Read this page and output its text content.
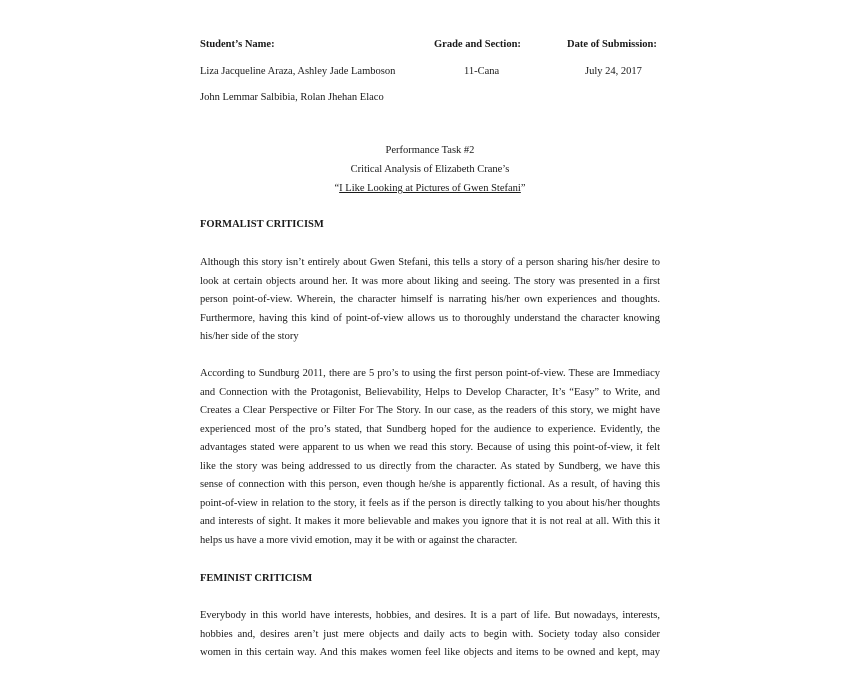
Student’s Name:	Grade and Section:	Date of Submission:
Liza Jacqueline Araza, Ashley Jade Lamboson	11-Cana	July 24, 2017
John Lemmar Salbibia, Rolan Jhehan Elaco
Performance Task #2
Critical Analysis of Elizabeth Crane’s
“I Like Looking at Pictures of Gwen Stefani”
FORMALIST CRITICISM
Although this story isn’t entirely about Gwen Stefani, this tells a story of a person sharing his/her desire to
look at certain objects around her. It was more about liking and seeing. The story was presented in a first
person point-of-view. Wherein, the character himself is narrating his/her own experiences and thoughts.
Furthermore, having this kind of point-of-view allows us to thoroughly understand the character knowing
his/her side of the story
According to Sundburg 2011, there are 5 pro’s to using the first person point-of-view. These are Immediacy
and Connection with the Protagonist, Believability, Helps to Develop Character, It’s “Easy” to Write, and
Creates a Clear Perspective or Filter For The Story. In our case, as the readers of this story, we might have
experienced most of the pro’s stated, that Sundberg hoped for the audience to experience. Evidently, the
advantages stated were apparent to us when we read this story. Because of using this point-of-view, it felt
like the story was being addressed to us directly from the character. As stated by Sundberg, we have this
sense of connection with this person, even though he/she is apparently fictional. As a result, of having this
point-of-view in relation to the story, it feels as if the person is directly talking to you about his/her thoughts
and interests of sight. It makes it more believable and makes you ignore that it is not real at all. With this it
helps us have a more vivid emotion, may it be with or against the character.
FEMINIST CRITICISM
Everybody in this world have interests, hobbies, and desires. It is a part of life. But nowadays, interests,
hobbies and, desires aren’t just mere objects and daily acts to begin with. Society today also consider
women in this certain way. And this makes women feel like objects and items to be owned and kept, may
